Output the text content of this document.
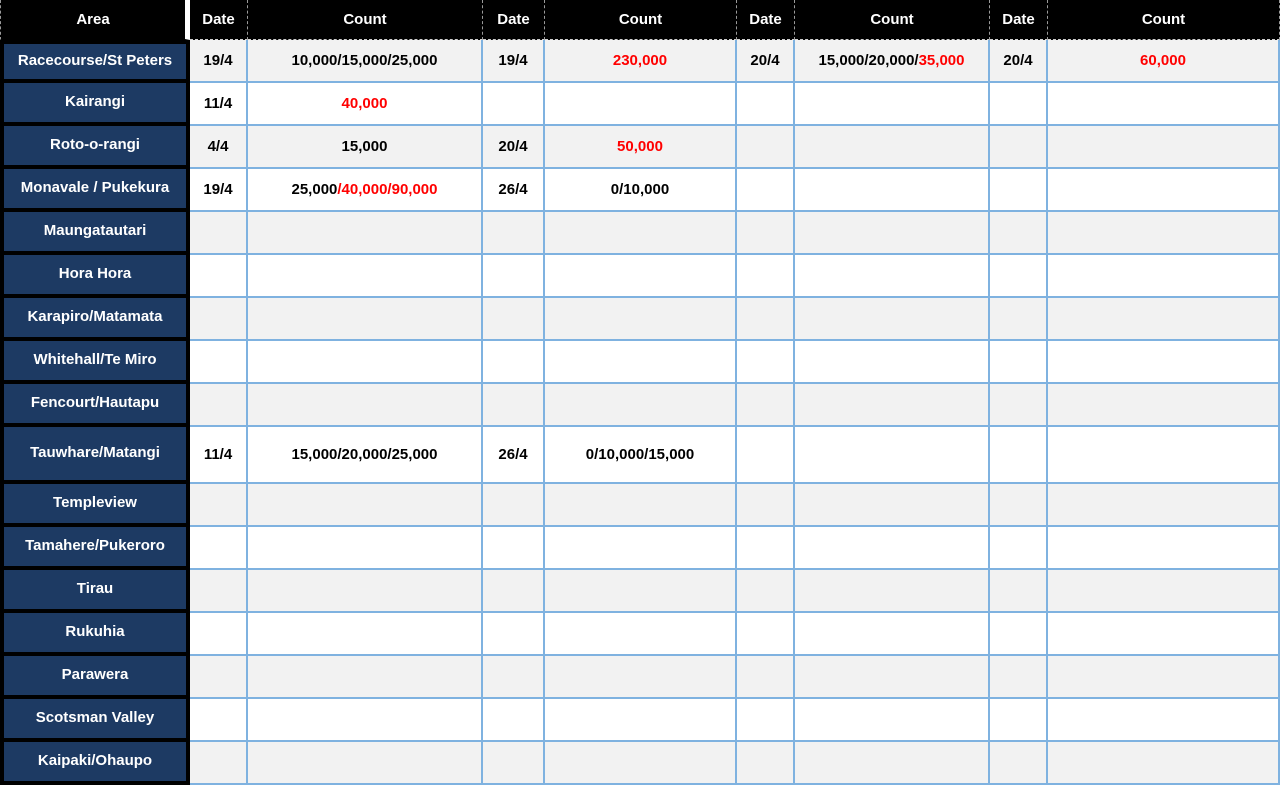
Area	Date	Count	Date	Count	Date	Count	Date	Count
Racecourse/St Peters	19/4	10,000/15,000/25,000	19/4	230,000	20/4	15,000/20,000/ 35,000	20/4	60,000
Kairangi	11/4	40,000
Roto-o-rangi	4/4	15,000	20/4	50,000
Monavale / Pukekura	19/4	25,000 /40,000/90,000	26/4	0/10,000
Maungatautari
Hora Hora
Karapiro/Matamata
Whitehall/Te Miro
Fencourt/Hautapu
Tauwhare/Matangi	11/4	15,000/20,000/25,000	26/4	0/10,000/15,000
Templeview
Tamahere/Pukeroro
Tirau
Rukuhia
Parawera
Scotsman Valley
Kaipaki/Ohaupo
